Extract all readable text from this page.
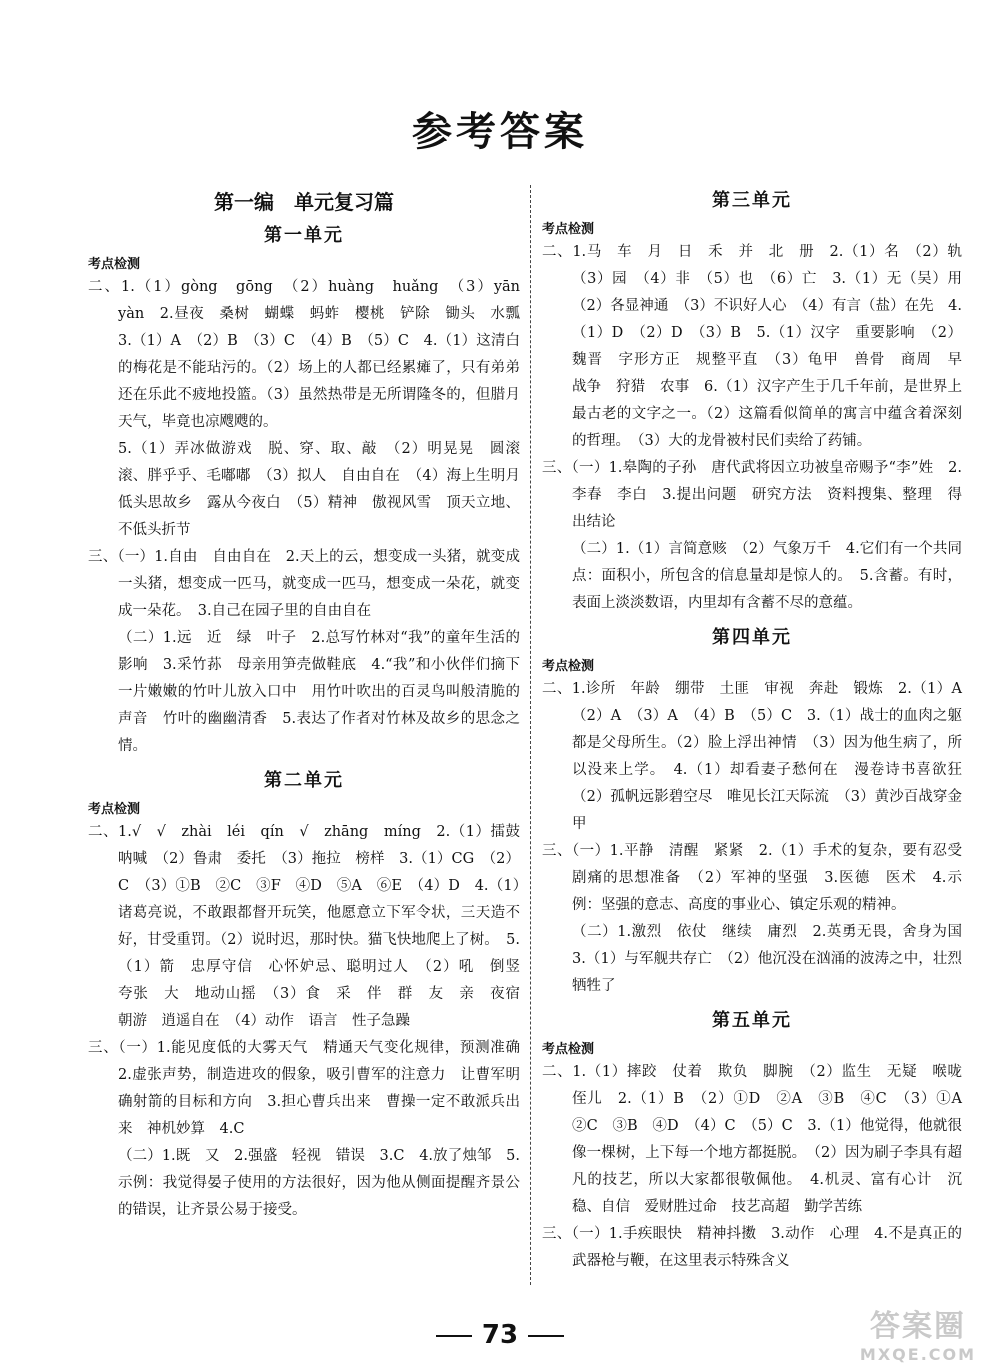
参考答案
第一编　单元复习篇
第一单元
考点检测

二、1.（1）gòng　gōng　（2）huàng　huǎng　（3）yān　yàn　2.昼夜　桑树　蝴蝶　蚂蚱　樱桃　铲除　锄头　水瓢　3.（1）A　（2）B　（3）C　（4）B　（5）C　4.（1）这清白的梅花是不能玷污的。（2）场上的人都已经累瘫了，只有弟弟还在乐此不疲地投篮。（3）虽然热带是无所谓隆冬的，但腊月天气，毕竟也凉飕飕的。

5.（1）弄冰做游戏　脱、穿、取、敲　（2）明晃晃　圆滚滚、胖乎乎、毛嘟嘟　（3）拟人　自由自在　（4）海上生明月　低头思故乡　露从今夜白　（5）精神　傲视风雪　顶天立地、不低头折节

三、（一）1.自由　自由自在　2.天上的云，想变成一头猪，就变成一头猪，想变成一匹马，就变成一匹马，想变成一朵花，就变成一朵花。　3.自己在园子里的自由自在

（二）1.远　近　绿　叶子　2.总写竹林对“我”的童年生活的影响　3.采竹荪　母亲用笋壳做鞋底　4.“我”和小伙伴们摘下一片嫩嫩的竹叶儿放入口中　用竹叶吹出的百灵鸟叫般清脆的声音　竹叶的幽幽清香　5.表达了作者对竹林及故乡的思念之情。

第二单元
考点检测

二、1.√　√　zhài　léi　qín　√　zhāng　míng　2.（1）擂鼓　呐喊　（2）鲁肃　委托　（3）拖拉　榜样　3.（1）CG　（2）C　（3）①B　②C　③F　④D　⑤A　⑥E　（4）D　4.（1）诸葛亮说，不敢跟都督开玩笑，他愿意立下军令状，三天造不好，甘受重罚。（2）说时迟，那时快。猫飞快地爬上了树。　5.（1）箭　忠厚守信　心怀妒忌、聪明过人　（2）吼　倒竖　夸张　大　地动山摇　（3）食　采　伴　群　友　亲　夜宿　朝游　逍遥自在　（4）动作　语言　性子急躁

三、（一）1.能见度低的大雾天气　精通天气变化规律，预测准确　2.虚张声势，制造进攻的假象，吸引曹军的注意力　让曹军明确射箭的目标和方向　3.担心曹兵出来　曹操一定不敢派兵出来　神机妙算　4.C

（二）1.既　又　2.强盛　轻视　错误　3.C　4.放了烛邹　5.示例：我觉得晏子使用的方法很好，因为他从侧面提醒齐景公的错误，让齐景公易于接受。

第三单元
考点检测

二、1.马　车　月　日　禾　并　北　册　2.（1）名　（2）轨　（3）园　（4）非　（5）也　（6）亡　3.（1）无（吴）用　（2）各显神通　（3）不识好人心　（4）有言（盐）在先　4.（1）D　（2）D　（3）B　5.（1）汉字　重要影响　（2）魏晋　字形方正　规整平直　（3）龟甲　兽骨　商周　早　战争　狩猎　农事　6.（1）汉字产生于几千年前，是世界上最古老的文字之一。（2）这篇看似简单的寓言中蕴含着深刻的哲理。　（3）大的龙骨被村民们卖给了药铺。

三、（一）1.皋陶的子孙　唐代武将因立功被皇帝赐予“李”姓　2.李春　李白　3.提出问题　研究方法　资料搜集、整理　得出结论

（二）1.（1）言简意赅　（2）气象万千　4.它们有一个共同点：面积小，所包含的信息量却是惊人的。　5.含蓄。有时，表面上淡淡数语，内里却有含蓄不尽的意蕴。

第四单元
考点检测

二、1.诊所　年龄　绷带　土匪　审视　奔赴　锻炼　2.（1）A　（2）A　（3）A　（4）B　（5）C　3.（1）战士的血肉之躯都是父母所生。（2）脸上浮出神情　（3）因为他生病了，所以没来上学。　4.（1）却看妻子愁何在　漫卷诗书喜欲狂　（2）孤帆远影碧空尽　唯见长江天际流　（3）黄沙百战穿金甲

三、（一）1.平静　清醒　紧紧　2.（1）手术的复杂，要有忍受剧痛的思想准备　（2）军神的坚强　3.医德　医术　4.示例：坚强的意志、高度的事业心、镇定乐观的精神。

（二）1.激烈　依仗　继续　庸烈　2.英勇无畏，舍身为国　3.（1）与军舰共存亡　（2）他沉没在汹涌的波涛之中，壮烈牺牲了

第五单元
考点检测

二、1.（1）摔跤　仗着　欺负　脚腕　（2）监生　无疑　喉咙　侄儿　2.（1）B　（2）①D　②A　③B　④C　（3）①A　②C　③B　④D　（4）C　（5）C　3.（1）他觉得，他就很像一棵树，上下每一个地方都挺脱。　（2）因为刷子李具有超凡的技艺，所以大家都很敬佩他。　4.机灵、富有心计　沉稳、自信　爱财胜过命　技艺高超　勤学苦练

三、（一）1.手疾眼快　精神抖擞　3.动作　心理　4.不是真正的武器枪与鞭，在这里表示特殊含义

73	答案圈
MXQE.COM
